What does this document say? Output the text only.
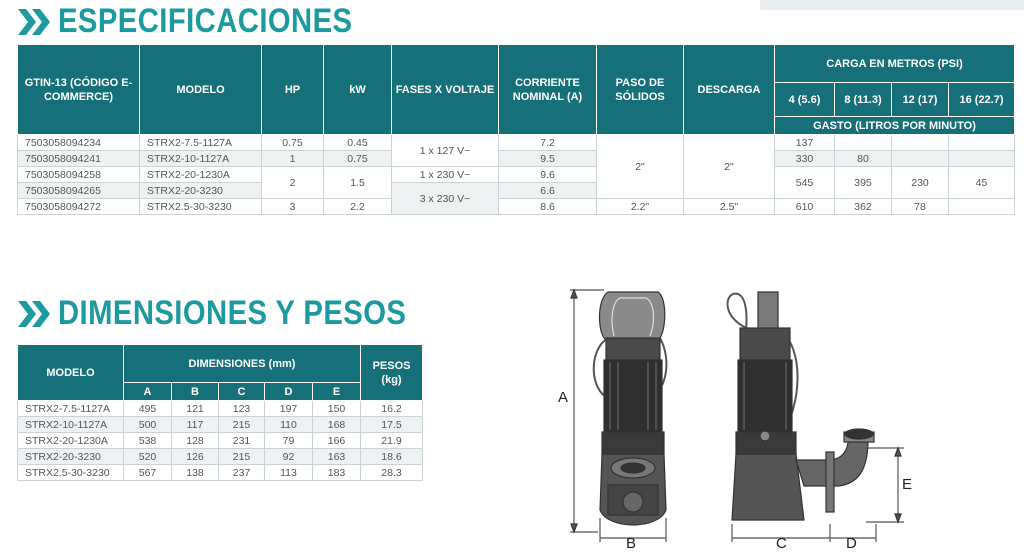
ESPECIFICACIONES
GTIN-13 (CÓDIGO E-COMMERCE)	MODELO	HP	kW	FASES X VOLTAJE	CORRIENTE NOMINAL (A)	PASO DE SÓLIDOS	DESCARGA	CARGA EN METROS (PSI)			
								4 (5.6)	8 (11.3)	12 (17)	16 (22.7)
								GASTO (LITROS POR MINUTO)			
7503058094234	STRX2-7.5-1127A	0.75	0.45	1 x 127 V~	7.2	2"	2"	137			
7503058094241	STRX2-10-1127A	1	0.75		9.5			330	80		
7503058094258	STRX2-20-1230A	2	1.5	1 x 230 V~	9.6			545	395	230	45
7503058094265	STRX2-20-3230			3 x 230 V~	6.6						
7503058094272	STRX2.5-30-3230	3	2.2		8.6	2.2"	2.5"	610	362	78	
DIMENSIONES Y PESOS
MODELO	DIMENSIONES (mm)					PESOS (kg)
	A	B	C	D	E	
STRX2-7.5-1127A	495	121	123	197	150	16.2
STRX2-10-1127A	500	117	215	110	168	17.5
STRX2-20-1230A	538	128	231	79	166	21.9
STRX2-20-3230	520	126	215	92	163	18.6
STRX2.5-30-3230	567	138	237	113	183	28.3
A
B	C	D
E
